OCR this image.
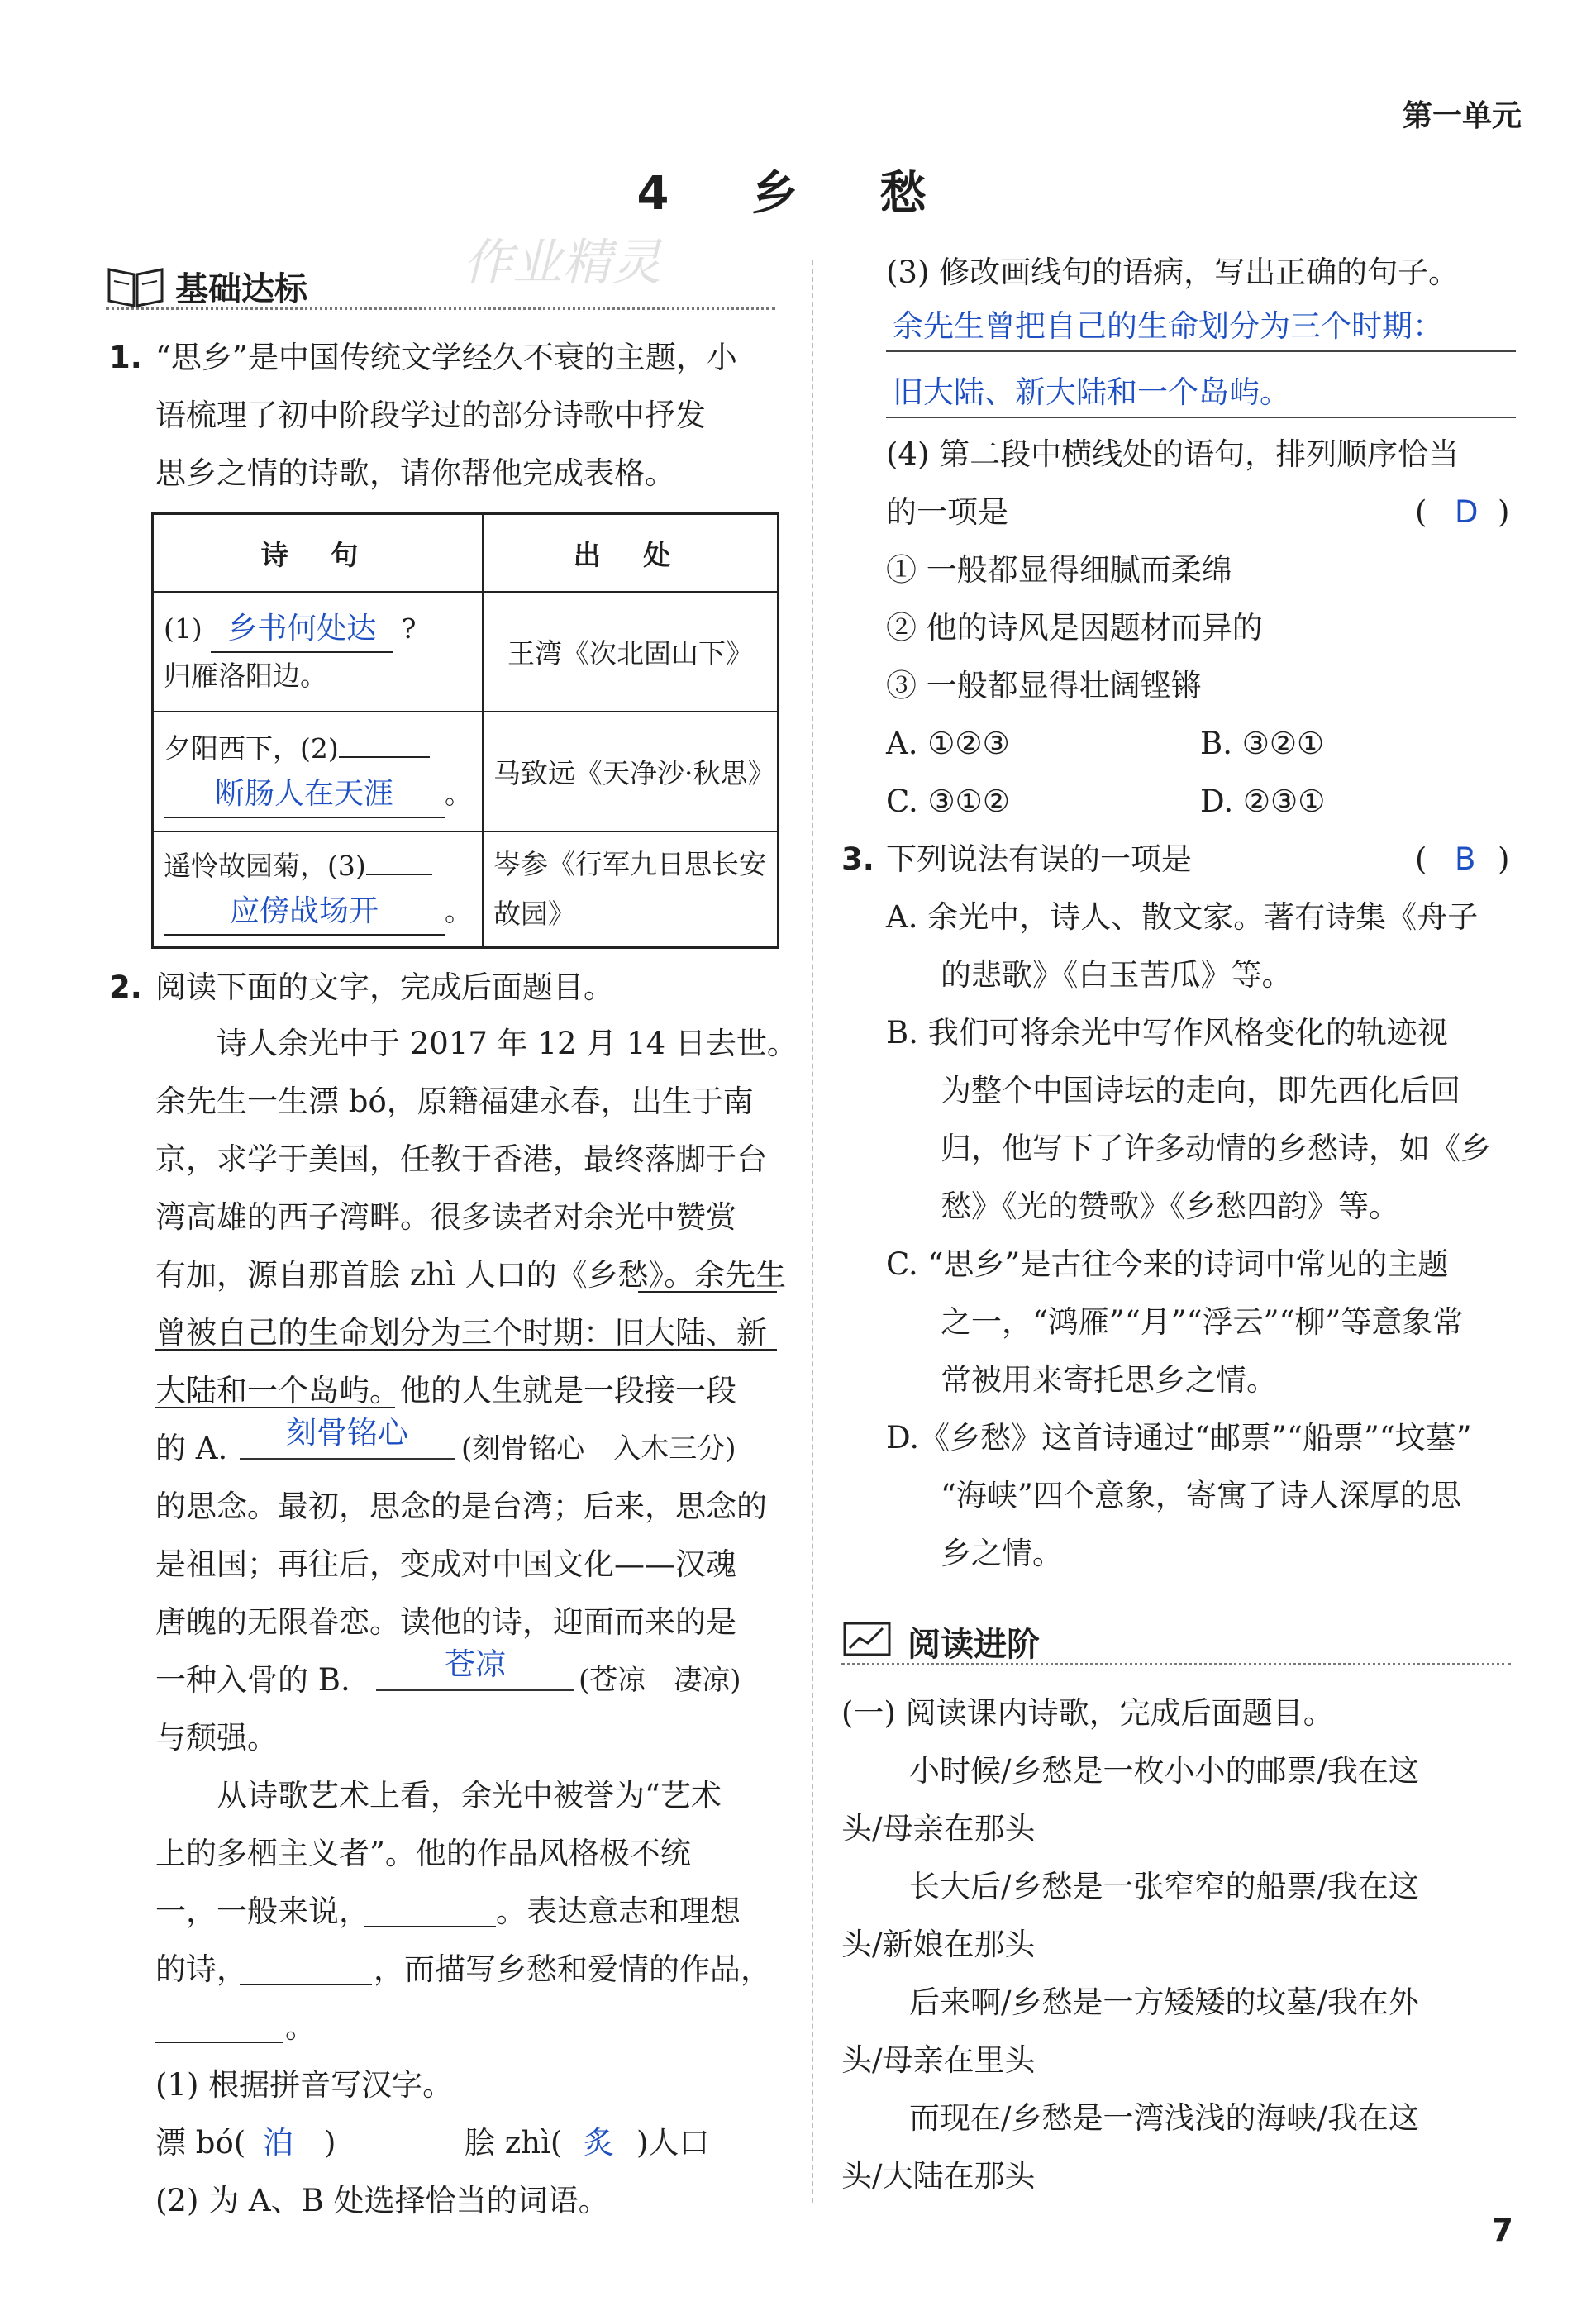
第一单元
4 乡 愁
作业精灵
基础达标
1. “思乡”是中国传统文学经久不衰的主题，小
语梳理了初中阶段学过的部分诗歌中抒发
思乡之情的诗歌，请你帮他完成表格。
诗 句	出 处

(1) 乡书何处达 ?
归雁洛阳边。	王湾《次北固山下》

夕阳西下，(2)
断肠人在天涯 。	马致远《天净沙·秋思》

遥怜故园菊，(3)
应傍战场开 。	岑参《行军九日思长安故园》
2. 阅读下面的文字，完成后面题目。
诗人余光中于 2017 年 12 月 14 日去世。
余先生一生漂 bó，原籍福建永春，出生于南
京，求学于美国，任教于香港，最终落脚于台
湾高雄的西子湾畔。很多读者对余光中赞赏
有加，源自那首脍 zhì 人口的《乡愁》。余先生
曾被自己的生命划分为三个时期：旧大陆、新
大陆和一个岛屿。他的人生就是一段接一段
的 A.	刻骨铭心	(刻骨铭心　入木三分)
的思念。最初，思念的是台湾；后来，思念的
是祖国；再往后，变成对中国文化——汉魂
唐魄的无限眷恋。读他的诗，迎面而来的是
一种入骨的 B.	苍凉	(苍凉　凄凉)
与颓强。
从诗歌艺术上看，余光中被誉为“艺术
上的多栖主义者”。他的作品风格极不统
一，一般来说，	。表达意志和理想
的诗，	，而描写乡愁和爱情的作品，
。
(1) 根据拼音写汉字。
漂 bó( 泊 )	脍 zhì( 炙 )人口
(2) 为 A、B 处选择恰当的词语。
(3) 修改画线句的语病，写出正确的句子。
余先生曾把自己的生命划分为三个时期：
旧大陆、新大陆和一个岛屿。
(4) 第二段中横线处的语句，排列顺序恰当
的一项是	( D )
① 一般都显得细腻而柔绵
② 他的诗风是因题材而异的
③ 一般都显得壮阔铿锵
A. ①②③	B. ③②①
C. ③①②	D. ②③①
3. 下列说法有误的一项是	( B )
A. 余光中，诗人、散文家。著有诗集《舟子
的悲歌》《白玉苦瓜》等。
B. 我们可将余光中写作风格变化的轨迹视
为整个中国诗坛的走向，即先西化后回
归，他写下了许多动情的乡愁诗，如《乡
愁》《光的赞歌》《乡愁四韵》等。
C. “思乡”是古往今来的诗词中常见的主题
之一，“鸿雁”“月”“浮云”“柳”等意象常
常被用来寄托思乡之情。
D.《乡愁》这首诗通过“邮票”“船票”“坟墓”
“海峡”四个意象，寄寓了诗人深厚的思
乡之情。
阅读进阶
(一) 阅读课内诗歌，完成后面题目。
小时候/乡愁是一枚小小的邮票/我在这
头/母亲在那头
长大后/乡愁是一张窄窄的船票/我在这
头/新娘在那头
后来啊/乡愁是一方矮矮的坟墓/我在外
头/母亲在里头
而现在/乡愁是一湾浅浅的海峡/我在这
头/大陆在那头
7
